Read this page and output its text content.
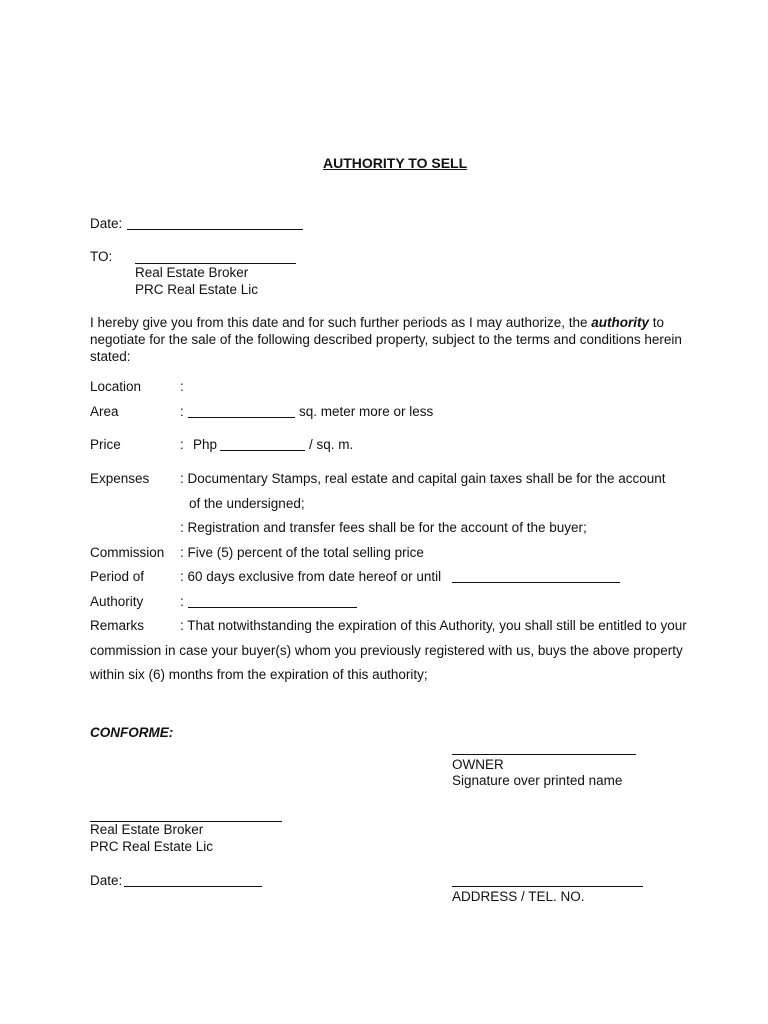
AUTHORITY TO SELL
Date:
TO:
Real Estate Broker
PRC Real Estate Lic
I hereby give you from this date and for such further periods as I may authorize, the authority to negotiate for the sale of the following described property, subject to the terms and conditions herein stated:
Location	:
Area	:	sq. meter more or less
Price	: Php	/ sq. m.
Expenses : Documentary Stamps, real estate and capital gain taxes shall be for the account
of the undersigned;
: Registration and transfer fees shall be for the account of the buyer;
Commission : Five (5) percent of the total selling price
Period of	: 60 days exclusive from date hereof or until
Authority	:
Remarks	: That notwithstanding the expiration of this Authority, you shall still be entitled to your
commission in case your buyer(s) whom you previously registered with us, buys the above property
within six (6) months from the expiration of this authority;
CONFORME:
OWNER
Signature over printed name
Real Estate Broker
PRC Real Estate Lic
Date:
ADDRESS / TEL. NO.
